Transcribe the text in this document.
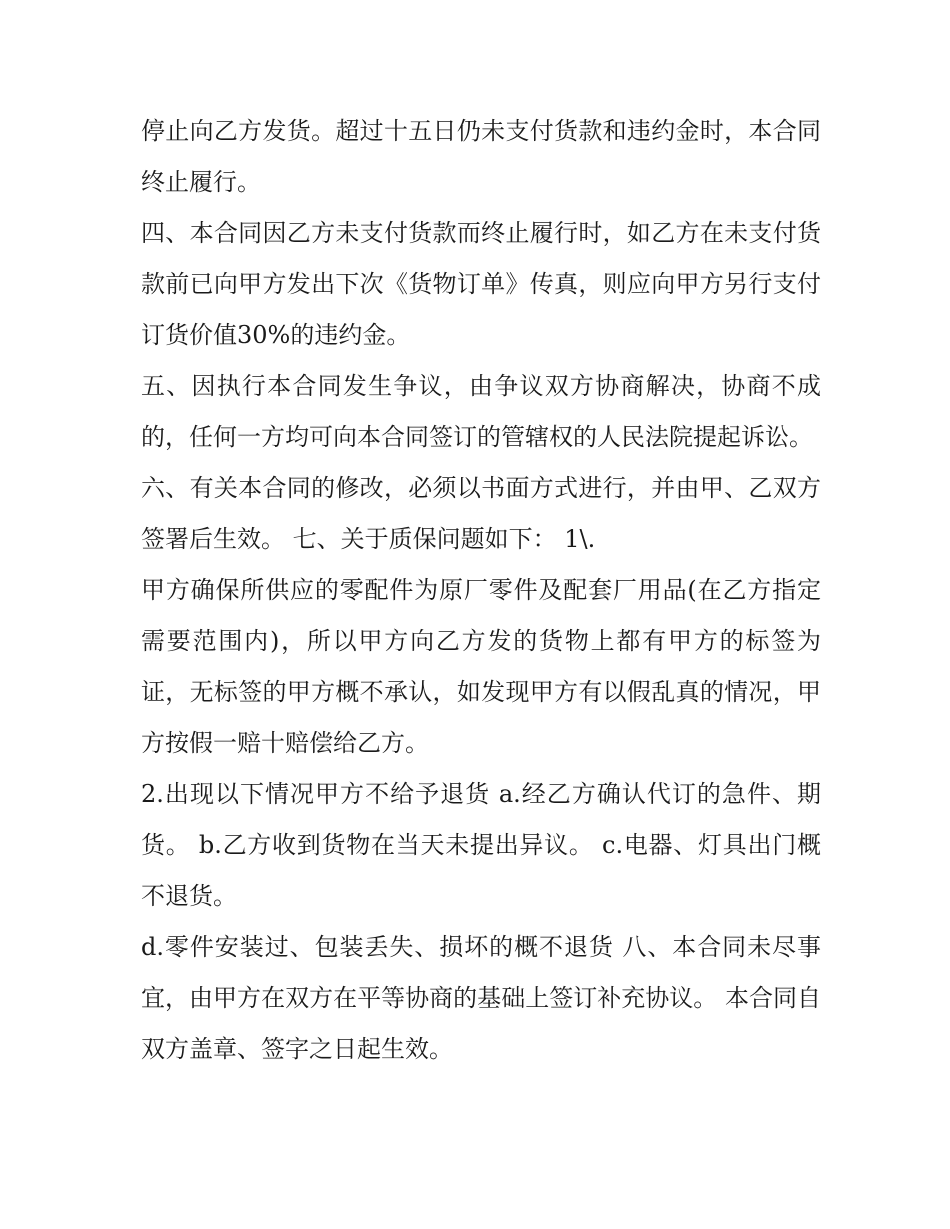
停止向乙方发货。超过十五日仍未支付货款和违约金时，本合同终止履行。

四、本合同因乙方未支付货款而终止履行时，如乙方在未支付货款前已向甲方发出下次《货物订单》传真，则应向甲方另行支付订货价值30%的违约金。

五、因执行本合同发生争议，由争议双方协商解决，协商不成的，任何一方均可向本合同签订的管辖权的人民法院提起诉讼。

六、有关本合同的修改，必须以书面方式进行，并由甲、乙双方签署后生效。 七、关于质保问题如下： 1\.

甲方确保所供应的零配件为原厂零件及配套厂用品(在乙方指定需要范围内)，所以甲方向乙方发的货物上都有甲方的标签为证，无标签的甲方概不承认，如发现甲方有以假乱真的情况，甲方按假一赔十赔偿给乙方。

2.出现以下情况甲方不给予退货 a.经乙方确认代订的急件、期货。 b.乙方收到货物在当天未提出异议。 c.电器、灯具出门概不退货。

d.零件安装过、包装丢失、损坏的概不退货 八、本合同未尽事宜，由甲方在双方在平等协商的基础上签订补充协议。 本合同自双方盖章、签字之日起生效。
